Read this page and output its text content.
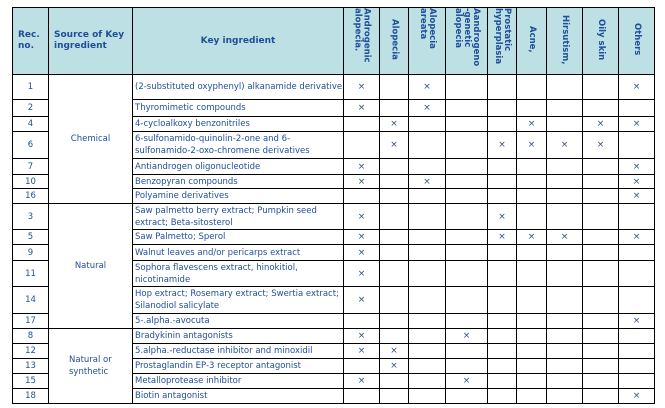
Rec. no.	Source of Key ingredient	Key ingredient	Androgenic alopecia.	Alopecia	Alopecia areata	Aandrogeno -genetic alopecia	Prostatic hyperplasia	Acne,	Hirsutism,	Oily skin	Others
1	Chemical	(2-substituted oxyphenyl) alkanamide derivative	×		×						×
2		Thyromimetic compounds	×		×						
4		4-cycloalkoxy benzonitriles		×				×		×	×
6		6-sulfonamido-quinolin-2-one and 6-sulfonamido-2-oxo-chromene derivatives		×			×	×	×	×	
7		Antiandrogen oligonucleotide	×								×
10		Benzopyran compounds	×		×						×
16		Polyamine derivatives									×
3	Natural	Saw palmetto berry extract; Pumpkin seed extract; Beta-sitosterol	×				×				
5		Saw Palmetto; Sperol	×				×	×	×		×
9		Walnut leaves and/or pericarps extract	×								
11		Sophora flavescens extract, hinokitiol, nicotinamide	×								
14		Hop extract; Rosemary extract; Swertia extract; Silanodiol salicylate	×								
17		5-.alpha.-avocuta									×
8	Natural or synthetic	Bradykinin antagonists	×			×					
12		5.alpha.-reductase inhibitor and minoxidil	×	×							
13		Prostaglandin EP-3 receptor antagonist		×							
15		Metalloprotease inhibitor	×			×					
18		Biotin antagonist									×
